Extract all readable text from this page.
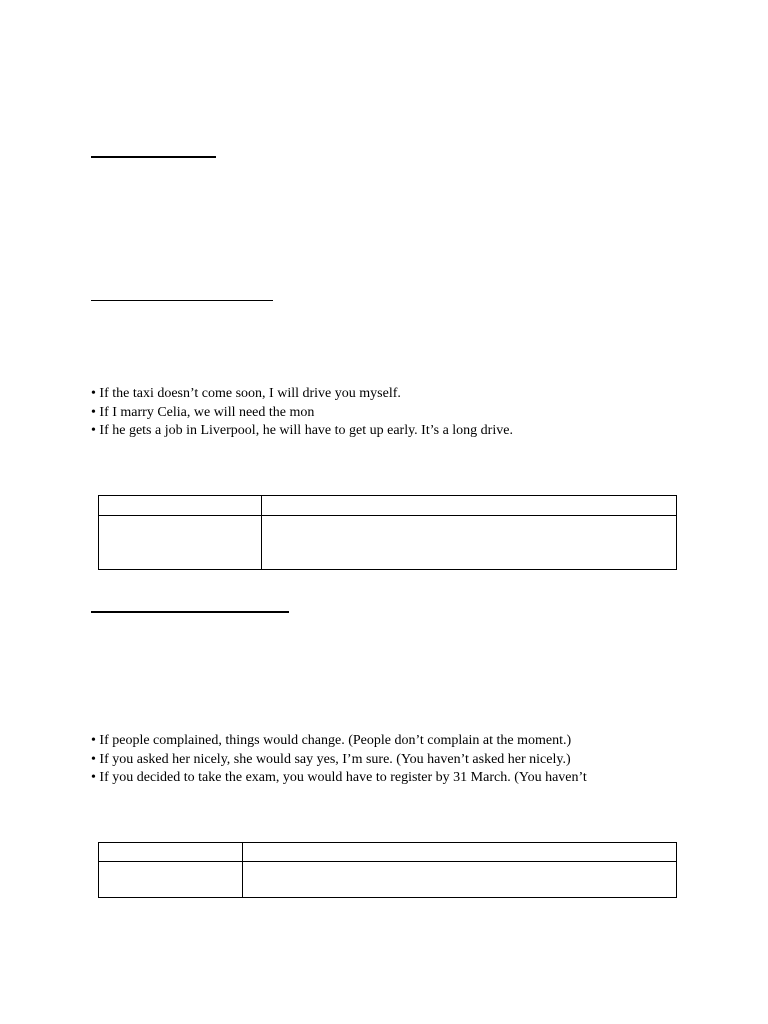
• If the taxi doesn’t come soon, I will drive you myself.
• If I marry Celia, we will need the mon
• If he gets a job in Liverpool, he will have to get up early. It’s a long drive.

• If people complained, things would change. (People don’t complain at the moment.)
• If you asked her nicely, she would say yes, I’m sure. (You haven’t asked her nicely.)
• If you decided to take the exam, you would have to register by 31 March. (You haven’t
